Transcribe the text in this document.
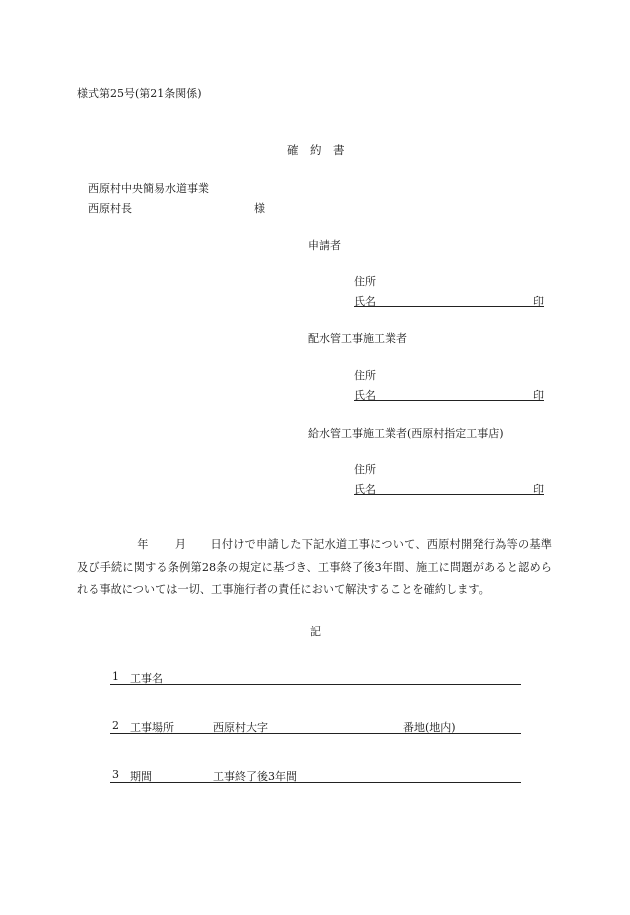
様式第25号(第21条関係)
確　約　書
西原村中央簡易水道事業
西原村長	様
申請者
住所
氏名	印
配水管工事施工業者
住所
氏名	印
給水管工事施工業者(西原村指定工事店)
住所
氏名	印
年 月 日付けで申請した下記水道工事について、西原村開発行為等の基準及び手続に関する条例第28条の規定に基づき、工事終了後3年間、施工に問題があると認められる事故については一切、工事施行者の責任において解決することを確約します。
記
1 工事名
2 工事場所	西原村大字	番地(地内)
3 期間	工事終了後3年間
